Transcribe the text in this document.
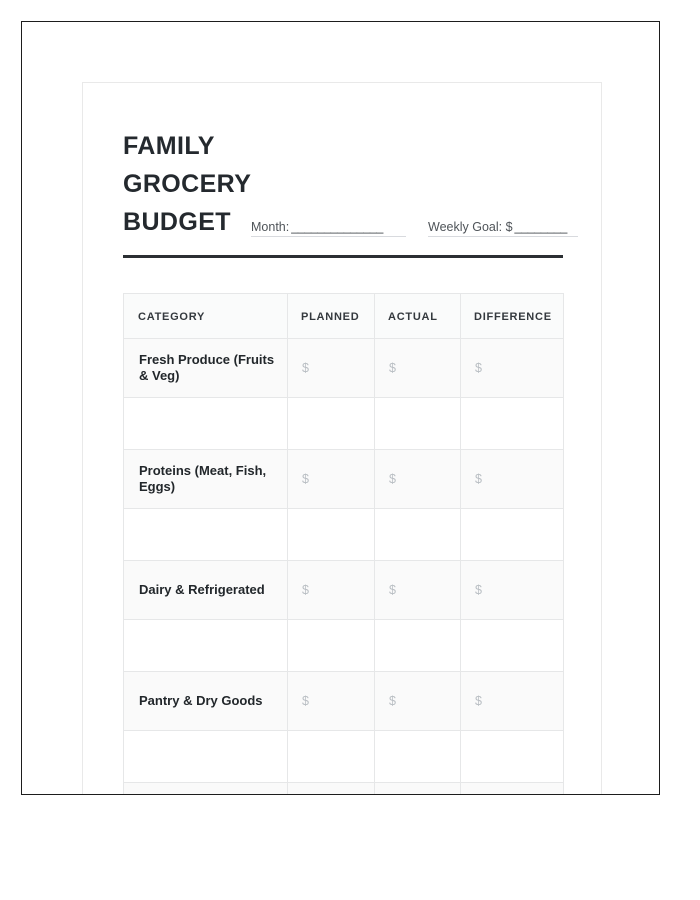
FAMILY
GROCERY
BUDGET	Month: ______________	Weekly Goal: $ ________
CATEGORY	PLANNED	ACTUAL	DIFFERENCE
Fresh Produce (Fruits & Veg)	$	$	$

Proteins (Meat, Fish, Eggs)	$	$	$

Dairy & Refrigerated	$	$	$

Pantry & Dry Goods	$	$	$
